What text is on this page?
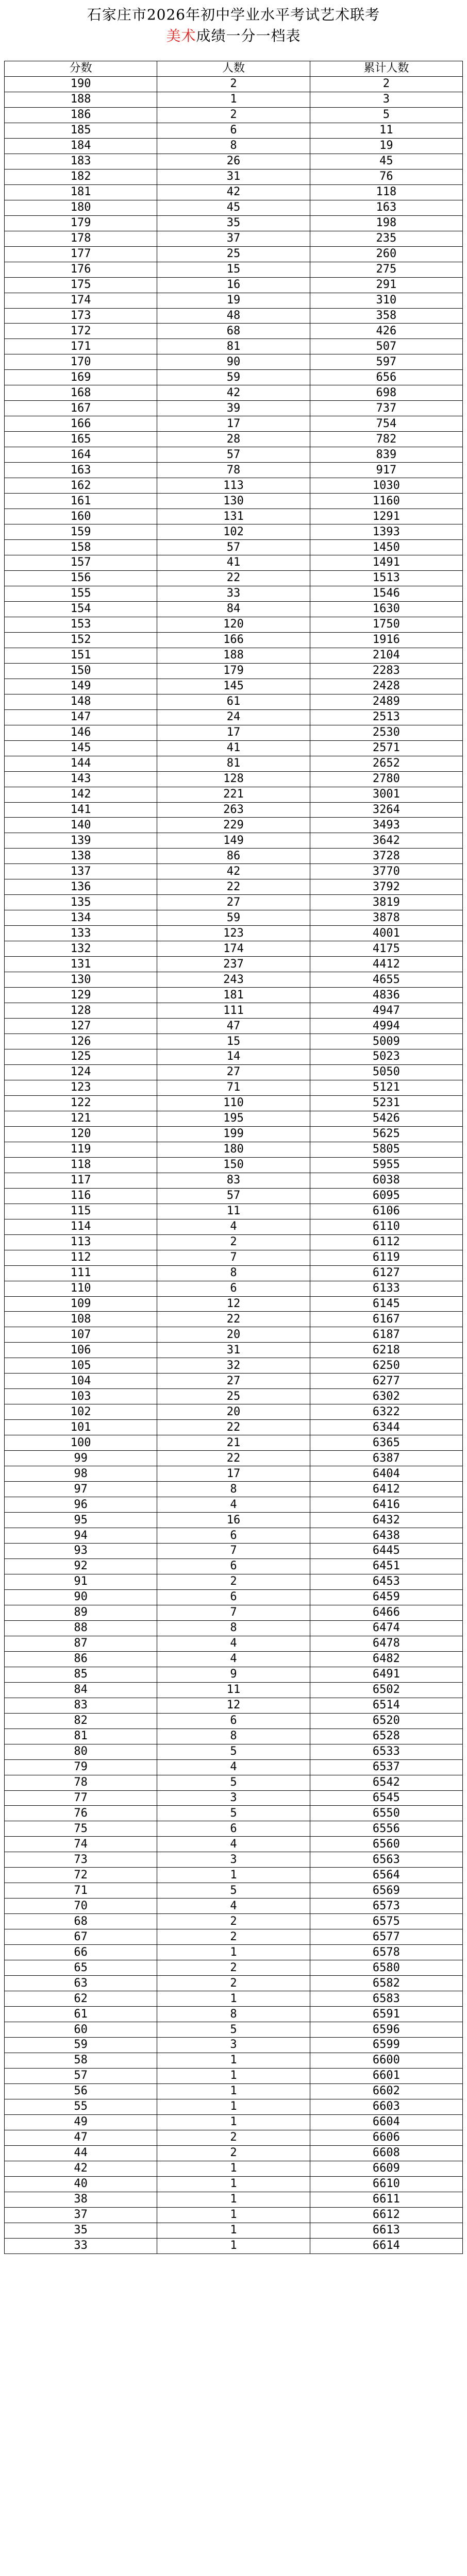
石家庄市2026年初中学业水平考试艺术联考
美术成绩一分一档表
分数	人数	累计人数
190	2	2
188	1	3
186	2	5
185	6	11
184	8	19
183	26	45
182	31	76
181	42	118
180	45	163
179	35	198
178	37	235
177	25	260
176	15	275
175	16	291
174	19	310
173	48	358
172	68	426
171	81	507
170	90	597
169	59	656
168	42	698
167	39	737
166	17	754
165	28	782
164	57	839
163	78	917
162	113	1030
161	130	1160
160	131	1291
159	102	1393
158	57	1450
157	41	1491
156	22	1513
155	33	1546
154	84	1630
153	120	1750
152	166	1916
151	188	2104
150	179	2283
149	145	2428
148	61	2489
147	24	2513
146	17	2530
145	41	2571
144	81	2652
143	128	2780
142	221	3001
141	263	3264
140	229	3493
139	149	3642
138	86	3728
137	42	3770
136	22	3792
135	27	3819
134	59	3878
133	123	4001
132	174	4175
131	237	4412
130	243	4655
129	181	4836
128	111	4947
127	47	4994
126	15	5009
125	14	5023
124	27	5050
123	71	5121
122	110	5231
121	195	5426
120	199	5625
119	180	5805
118	150	5955
117	83	6038
116	57	6095
115	11	6106
114	4	6110
113	2	6112
112	7	6119
111	8	6127
110	6	6133
109	12	6145
108	22	6167
107	20	6187
106	31	6218
105	32	6250
104	27	6277
103	25	6302
102	20	6322
101	22	6344
100	21	6365
99	22	6387
98	17	6404
97	8	6412
96	4	6416
95	16	6432
94	6	6438
93	7	6445
92	6	6451
91	2	6453
90	6	6459
89	7	6466
88	8	6474
87	4	6478
86	4	6482
85	9	6491
84	11	6502
83	12	6514
82	6	6520
81	8	6528
80	5	6533
79	4	6537
78	5	6542
77	3	6545
76	5	6550
75	6	6556
74	4	6560
73	3	6563
72	1	6564
71	5	6569
70	4	6573
68	2	6575
67	2	6577
66	1	6578
65	2	6580
63	2	6582
62	1	6583
61	8	6591
60	5	6596
59	3	6599
58	1	6600
57	1	6601
56	1	6602
55	1	6603
49	1	6604
47	2	6606
44	2	6608
42	1	6609
40	1	6610
38	1	6611
37	1	6612
35	1	6613
33	1	6614
